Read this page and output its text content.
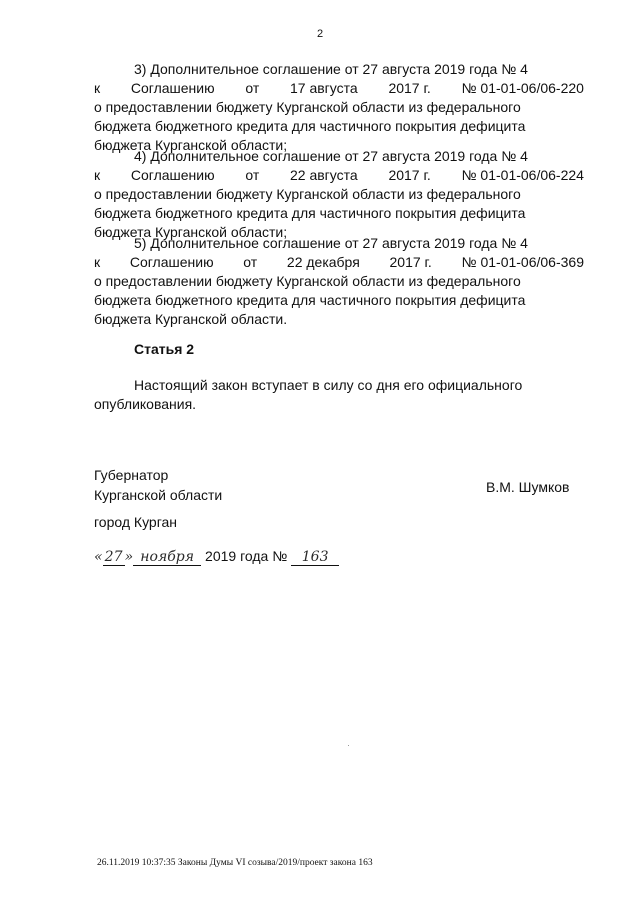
2
3) Дополнительное соглашение от 27 августа 2019 года № 4
к Соглашению от 17 августа 2017 г. № 01-01-06/06-220
о предоставлении бюджету Курганской области из федерального
бюджета бюджетного кредита для частичного покрытия дефицита
бюджета Курганской области;
4) Дополнительное соглашение от 27 августа 2019 года № 4
к Соглашению от 22 августа 2017 г. № 01-01-06/06-224
о предоставлении бюджету Курганской области из федерального
бюджета бюджетного кредита для частичного покрытия дефицита
бюджета Курганской области;
5) Дополнительное соглашение от 27 августа 2019 года № 4
к Соглашению от 22 декабря 2017 г. № 01-01-06/06-369
о предоставлении бюджету Курганской области из федерального
бюджета бюджетного кредита для частичного покрытия дефицита
бюджета Курганской области.
Статья 2
Настоящий закон вступает в силу со дня его официального
опубликования.
Губернатор
Курганской области	В.М. Шумков
город Курган
« 27 » ноября 2019 года № 163
26.11.2019 10:37:35 Законы Думы VI созыва/2019/проект закона 163
